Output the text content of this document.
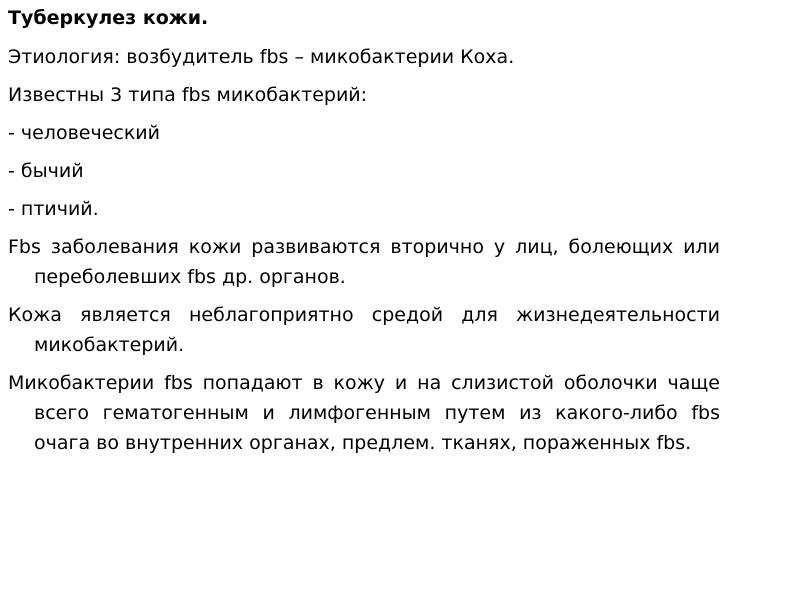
Туберкулез кожи.
Этиология: возбудитель fbs – микобактерии Коха.
Известны 3 типа fbs микобактерий:
- человеческий
- бычий
- птичий.
Fbs заболевания кожи развиваются вторично у лиц, болеющих или переболевших fbs др. органов.
Кожа является неблагоприятно средой для жизнедеятельности микобактерий.
Микобактерии fbs попадают в кожу и на слизистой оболочки чаще всего гематогенным и лимфогенным путем из какого-либо fbs очага во внутренних органах, предлем. тканях, пораженных fbs.
